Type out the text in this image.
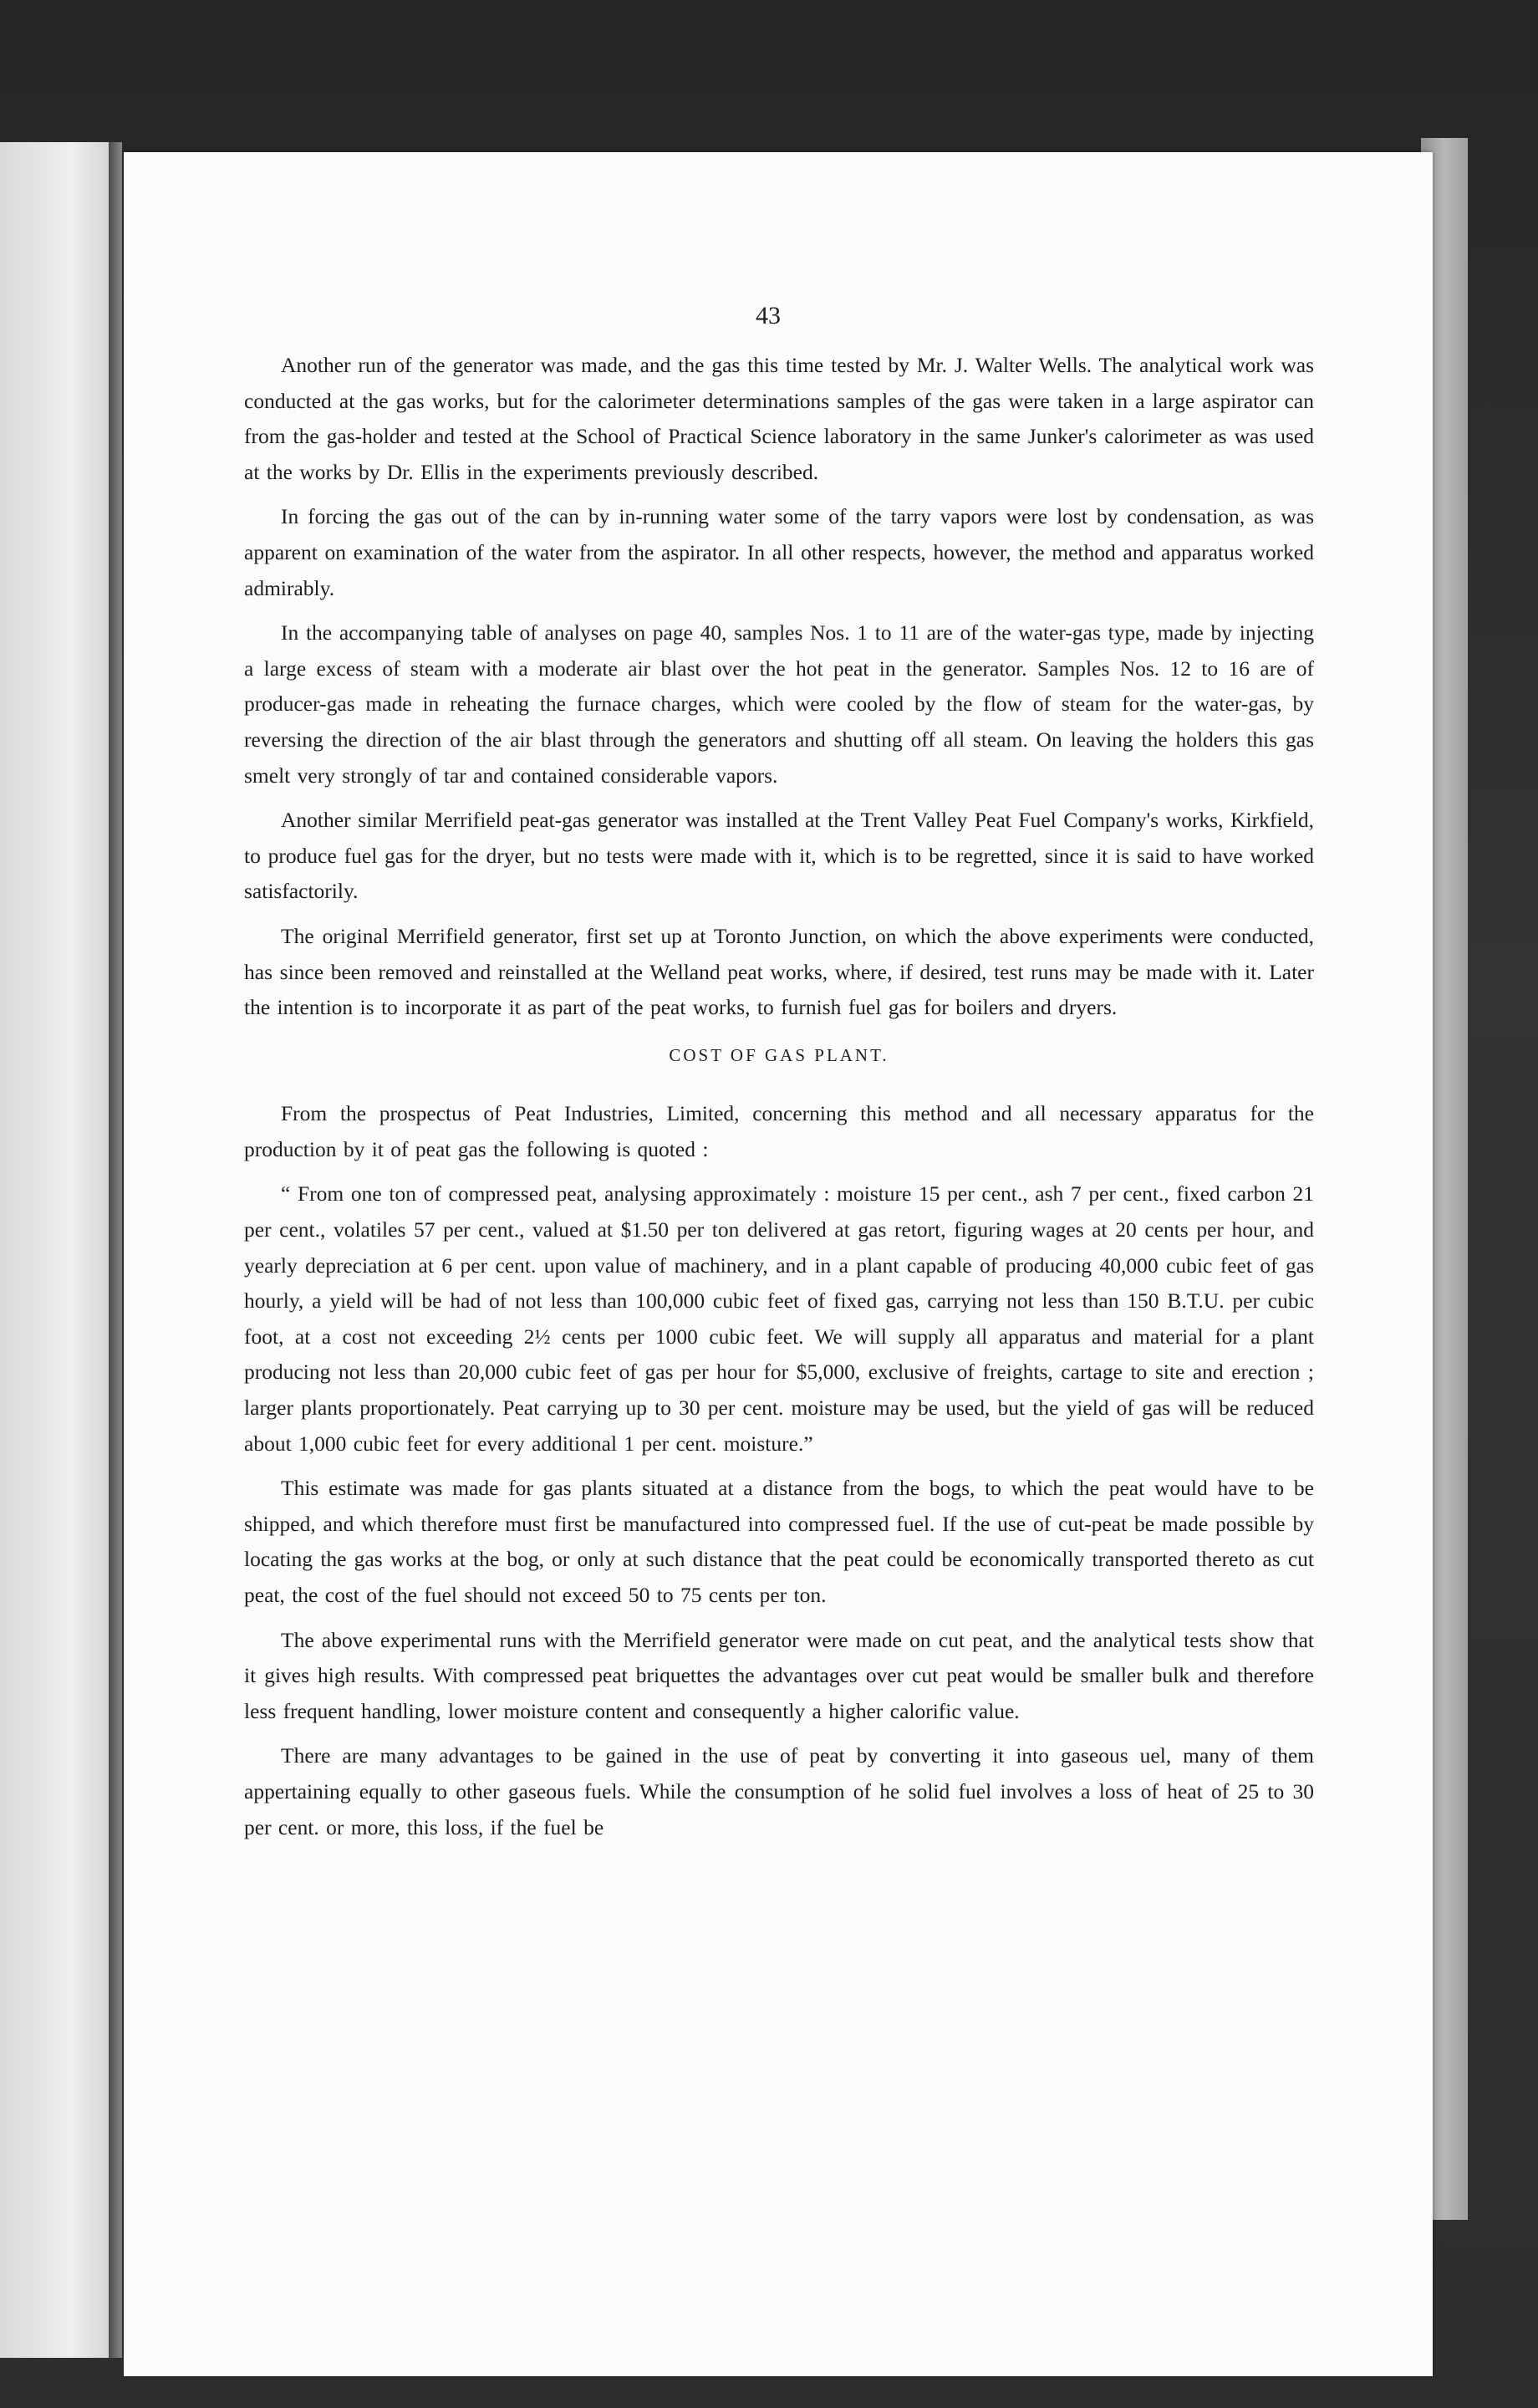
43

Another run of the generator was made, and the gas this time tested by Mr. J. Walter Wells. The analytical work was conducted at the gas works, but for the calorimeter determinations samples of the gas were taken in a large aspirator can from the gas-holder and tested at the School of Practical Science laboratory in the same Junker's calorimeter as was used at the works by Dr. Ellis in the experiments previously described.

In forcing the gas out of the can by in-running water some of the tarry vapors were lost by condensation, as was apparent on examination of the water from the aspirator. In all other respects, however, the method and apparatus worked admirably.

In the accompanying table of analyses on page 40, samples Nos. 1 to 11 are of the water-gas type, made by injecting a large excess of steam with a moderate air blast over the hot peat in the generator. Samples Nos. 12 to 16 are of producer-gas made in reheating the furnace charges, which were cooled by the flow of steam for the water-gas, by reversing the direction of the air blast through the generators and shutting off all steam. On leaving the holders this gas smelt very strongly of tar and contained considerable vapors.

Another similar Merrifield peat-gas generator was installed at the Trent Valley Peat Fuel Company's works, Kirkfield, to produce fuel gas for the dryer, but no tests were made with it, which is to be regretted, since it is said to have worked satisfactorily.

The original Merrifield generator, first set up at Toronto Junction, on which the above experiments were conducted, has since been removed and reinstalled at the Welland peat works, where, if desired, test runs may be made with it. Later the intention is to incorporate it as part of the peat works, to furnish fuel gas for boilers and dryers.

COST OF GAS PLANT.

From the prospectus of Peat Industries, Limited, concerning this method and all necessary apparatus for the production by it of peat gas the following is quoted :

“ From one ton of compressed peat, analysing approximately : moisture 15 per cent., ash 7 per cent., fixed carbon 21 per cent., volatiles 57 per cent., valued at $1.50 per ton delivered at gas retort, figuring wages at 20 cents per hour, and yearly depreciation at 6 per cent. upon value of machinery, and in a plant capable of producing 40,000 cubic feet of gas hourly, a yield will be had of not less than 100,000 cubic feet of fixed gas, carrying not less than 150 B.T.U. per cubic foot, at a cost not exceeding 2½ cents per 1000 cubic feet. We will supply all apparatus and material for a plant producing not less than 20,000 cubic feet of gas per hour for $5,000, exclusive of freights, cartage to site and erection ; larger plants proportionately. Peat carrying up to 30 per cent. moisture may be used, but the yield of gas will be reduced about 1,000 cubic feet for every additional 1 per cent. moisture.”

This estimate was made for gas plants situated at a distance from the bogs, to which the peat would have to be shipped, and which therefore must first be manufactured into compressed fuel. If the use of cut-peat be made possible by locating the gas works at the bog, or only at such distance that the peat could be economically transported thereto as cut peat, the cost of the fuel should not exceed 50 to 75 cents per ton.

The above experimental runs with the Merrifield generator were made on cut peat, and the analytical tests show that it gives high results. With compressed peat briquettes the advantages over cut peat would be smaller bulk and therefore less frequent handling, lower moisture content and consequently a higher calorific value.

There are many advantages to be gained in the use of peat by converting it into gaseous uel, many of them appertaining equally to other gaseous fuels. While the consumption of he solid fuel involves a loss of heat of 25 to 30 per cent. or more, this loss, if the fuel be
